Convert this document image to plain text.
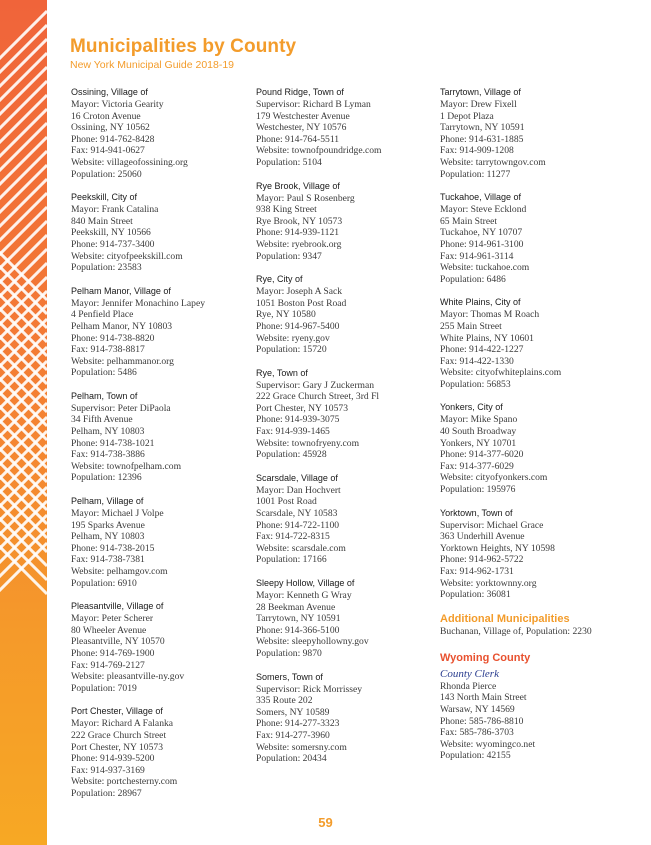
Municipalities by County
New York Municipal Guide 2018-19
Ossining, Village of
Mayor: Victoria Gearity
16 Croton Avenue
Ossining, NY 10562
Phone: 914-762-8428
Fax: 914-941-0627
Website: villageofossining.org
Population: 25060
Peekskill, City of
Mayor: Frank Catalina
840 Main Street
Peekskill, NY 10566
Phone: 914-737-3400
Website: cityofpeekskill.com
Population: 23583
Pelham Manor, Village of
Mayor: Jennifer Monachino Lapey
4 Penfield Place
Pelham Manor, NY 10803
Phone: 914-738-8820
Fax: 914-738-8817
Website: pelhammanor.org
Population: 5486
Pelham, Town of
Supervisor: Peter DiPaola
34 Fifth Avenue
Pelham, NY 10803
Phone: 914-738-1021
Fax: 914-738-3886
Website: townofpelham.com
Population: 12396
Pelham, Village of
Mayor: Michael J Volpe
195 Sparks Avenue
Pelham, NY 10803
Phone: 914-738-2015
Fax: 914-738-7381
Website: pelhamgov.com
Population: 6910
Pleasantville, Village of
Mayor: Peter Scherer
80 Wheeler Avenue
Pleasantville, NY 10570
Phone: 914-769-1900
Fax: 914-769-2127
Website: pleasantville-ny.gov
Population: 7019
Port Chester, Village of
Mayor: Richard A Falanka
222 Grace Church Street
Port Chester, NY 10573
Phone: 914-939-5200
Fax: 914-937-3169
Website: portchesterny.com
Population: 28967
Pound Ridge, Town of
Supervisor: Richard B Lyman
179 Westchester Avenue
Westchester, NY 10576
Phone: 914-764-5511
Website: townofpoundridge.com
Population: 5104
Rye Brook, Village of
Mayor: Paul S Rosenberg
938 King Street
Rye Brook, NY 10573
Phone: 914-939-1121
Website: ryebrook.org
Population: 9347
Rye, City of
Mayor: Joseph A Sack
1051 Boston Post Road
Rye, NY 10580
Phone: 914-967-5400
Website: ryeny.gov
Population: 15720
Rye, Town of
Supervisor: Gary J Zuckerman
222 Grace Church Street, 3rd Fl
Port Chester, NY 10573
Phone: 914-939-3075
Fax: 914-939-1465
Website: townofryeny.com
Population: 45928
Scarsdale, Village of
Mayor: Dan Hochvert
1001 Post Road
Scarsdale, NY 10583
Phone: 914-722-1100
Fax: 914-722-8315
Website: scarsdale.com
Population: 17166
Sleepy Hollow, Village of
Mayor: Kenneth G Wray
28 Beekman Avenue
Tarrytown, NY 10591
Phone: 914-366-5100
Website: sleepyhollowny.gov
Population: 9870
Somers, Town of
Supervisor: Rick Morrissey
335 Route 202
Somers, NY 10589
Phone: 914-277-3323
Fax: 914-277-3960
Website: somersny.com
Population: 20434
Tarrytown, Village of
Mayor: Drew Fixell
1 Depot Plaza
Tarrytown, NY 10591
Phone: 914-631-1885
Fax: 914-909-1208
Website: tarrytowngov.com
Population: 11277
Tuckahoe, Village of
Mayor: Steve Ecklond
65 Main Street
Tuckahoe, NY 10707
Phone: 914-961-3100
Fax: 914-961-3114
Website: tuckahoe.com
Population: 6486
White Plains, City of
Mayor: Thomas M Roach
255 Main Street
White Plains, NY 10601
Phone: 914-422-1227
Fax: 914-422-1330
Website: cityofwhiteplains.com
Population: 56853
Yonkers, City of
Mayor: Mike Spano
40 South Broadway
Yonkers, NY 10701
Phone: 914-377-6020
Fax: 914-377-6029
Website: cityofyonkers.com
Population: 195976
Yorktown, Town of
Supervisor: Michael Grace
363 Underhill Avenue
Yorktown Heights, NY 10598
Phone: 914-962-5722
Fax: 914-962-1731
Website: yorktownny.org
Population: 36081
Additional Municipalities
Buchanan, Village of, Population: 2230
Wyoming County
County Clerk
Rhonda Pierce
143 North Main Street
Warsaw, NY 14569
Phone: 585-786-8810
Fax: 585-786-3703
Website: wyomingco.net
Population: 42155
59
